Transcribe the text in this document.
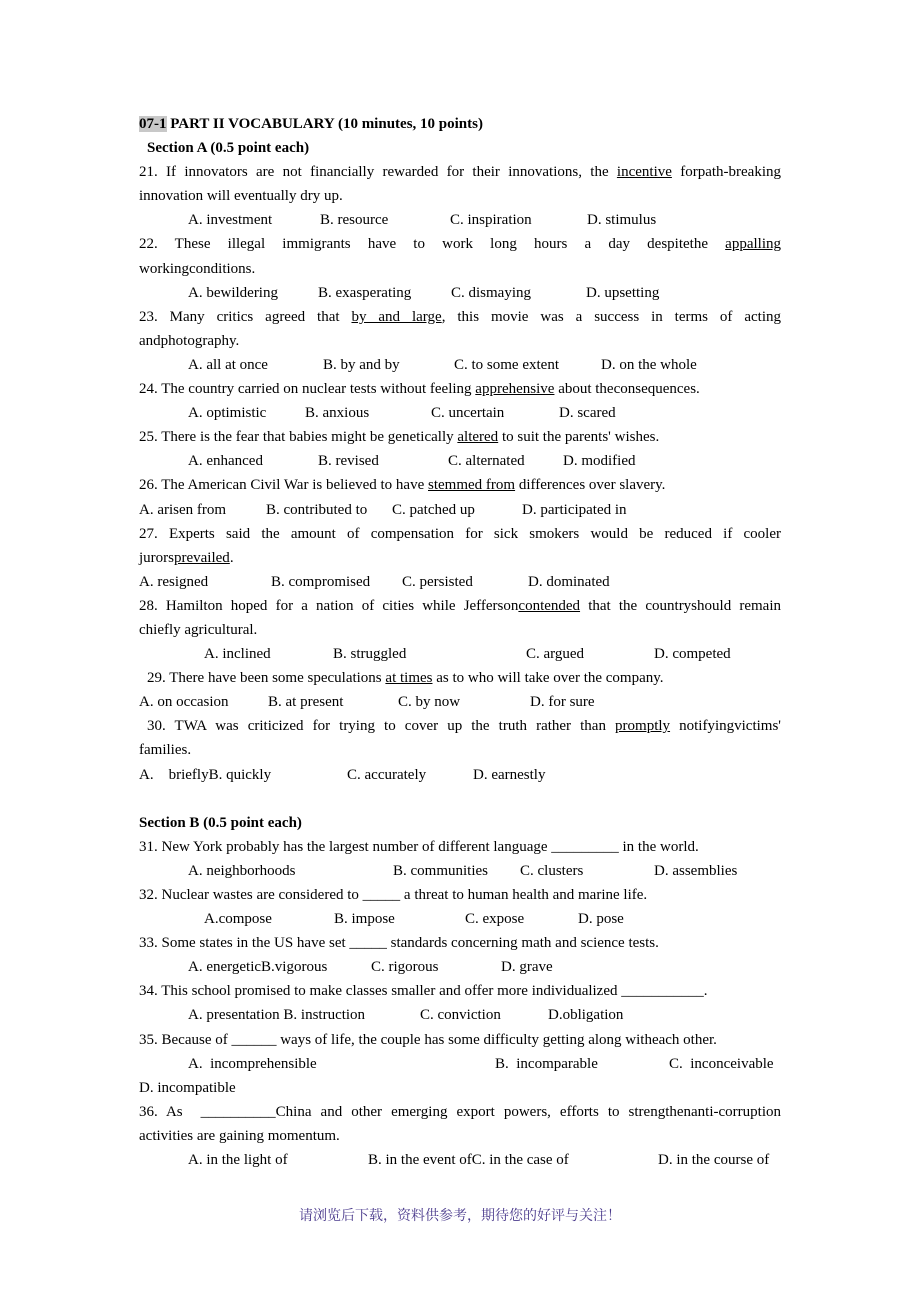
07-1 PART II VOCABULARY (10 minutes, 10 points)
Section A (0.5 point each)
21. If innovators are not financially rewarded for their innovations, the incentive forpath-breaking
innovation will eventually dry up.
A. investment	B. resource	C. inspiration	D. stimulus
22. These illegal immigrants have to work long hours a day despitethe appalling
workingconditions.
A. bewildering	B. exasperating	C. dismaying	D. upsetting
23. Many critics agreed that by and large, this movie was a success in terms of acting
andphotography.
A. all at once	B. by and by	C. to some extent	D. on the whole
24. The country carried on nuclear tests without feeling apprehensive about theconsequences.
A. optimistic	B. anxious	C. uncertain	D. scared
25. There is the fear that babies might be genetically altered to suit the parents' wishes.
A. enhanced	B. revised	C. alternated	D. modified
26. The American Civil War is believed to have stemmed from differences over slavery.
A. arisen from	B. contributed to C. patched up	D. participated in
27. Experts said the amount of compensation for sick smokers would be reduced if cooler
jurorsprevailed.
A. resigned	B. compromised C. persisted	D. dominated
28. Hamilton hoped for a nation of cities while Jeffersoncontended that the countryshould remain
chiefly agricultural.
A. inclined	B. struggled	C. argued	D. competed
29. There have been some speculations at times as to who will take over the company.
A. on occasion	B. at present	C. by now	D. for sure
30. TWA was criticized for trying to cover up the truth rather than promptly notifyingvictims'
families.
A.    brieflyB. quickly	C. accurately	D. earnestly
Section B (0.5 point each)
31. New York probably has the largest number of different language _________ in the world.
A. neighborhoods	B. communities C. clusters	D. assemblies
32. Nuclear wastes are considered to _____ a threat to human health and marine life.
A.compose	B. impose	C. expose	D. pose
33. Some states in the US have set _____ standards concerning math and science tests.
A. energeticB.vigorous	C. rigorous	D. grave
34. This school promised to make classes smaller and offer more individualized ___________.
A. presentation B. instruction	C. conviction	D.obligation
35. Because of ______ ways of life, the couple has some difficulty getting along witheach other.
A.  incomprehensible	B.  incomparable	C.  inconceivable
D. incompatible
36. As  __________China and other emerging export powers, efforts to strengthenanti-corruption
activities are gaining momentum.
A. in the light of	B. in the event ofC. in the case of	D. in the course of
请浏览后下载，资料供参考，期待您的好评与关注！
